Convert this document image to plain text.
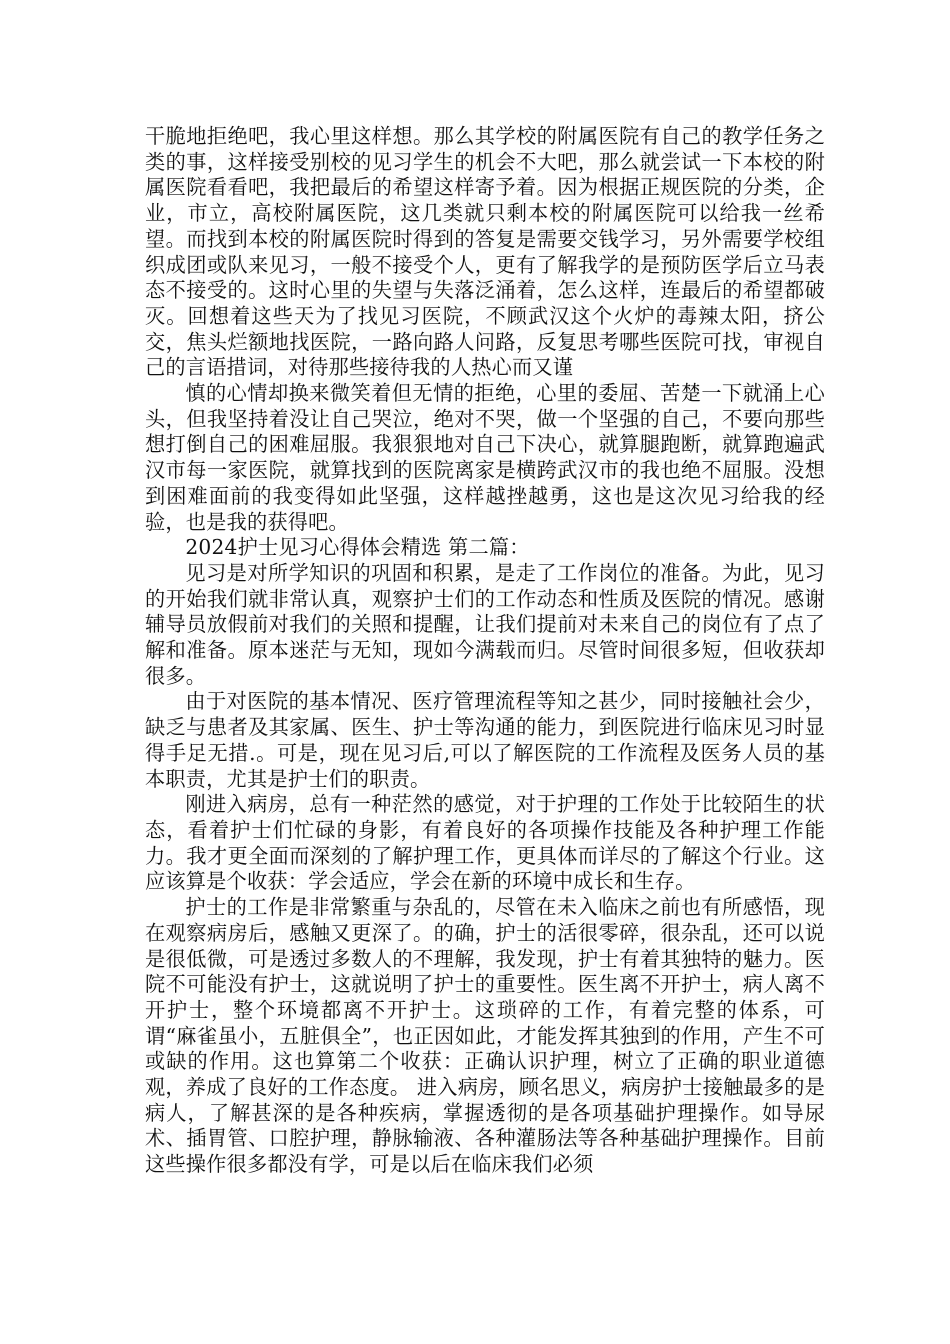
干脆地拒绝吧，我心里这样想。那么其学校的附属医院有自己的教学任务之类的事，这样接受别校的见习学生的机会不大吧，那么就尝试一下本校的附属医院看看吧，我把最后的希望这样寄予着。因为根据正规医院的分类，企业，市立，高校附属医院，这几类就只剩本校的附属医院可以给我一丝希望。而找到本校的附属医院时得到的答复是需要交钱学习，另外需要学校组织成团或队来见习，一般不接受个人，更有了解我学的是预防医学后立马表态不接受的。这时心里的失望与失落泛涌着，怎么这样，连最后的希望都破灭。回想着这些天为了找见习医院，不顾武汉这个火炉的毒辣太阳，挤公交，焦头烂额地找医院，一路向路人问路，反复思考哪些医院可找，审视自己的言语措词，对待那些接待我的人热心而又谨

慎的心情却换来微笑着但无情的拒绝，心里的委屈、苦楚一下就涌上心头，但我坚持着没让自己哭泣，绝对不哭，做一个坚强的自己，不要向那些想打倒自己的困难屈服。我狠狠地对自己下决心，就算腿跑断，就算跑遍武汉市每一家医院，就算找到的医院离家是横跨武汉市的我也绝不屈服。没想到困难面前的我变得如此坚强，这样越挫越勇，这也是这次见习给我的经验，也是我的获得吧。

2024护士见习心得体会精选 第二篇：

见习是对所学知识的巩固和积累，是走了工作岗位的准备。为此，见习的开始我们就非常认真，观察护士们的工作动态和性质及医院的情况。感谢辅导员放假前对我们的关照和提醒，让我们提前对未来自己的岗位有了点了解和准备。原本迷茫与无知，现如今满载而归。尽管时间很多短，但收获却很多。

由于对医院的基本情况、医疗管理流程等知之甚少，同时接触社会少，缺乏与患者及其家属、医生、护士等沟通的能力，到医院进行临床见习时显得手足无措.。可是，现在见习后,可以了解医院的工作流程及医务人员的基本职责，尤其是护士们的职责。

刚进入病房，总有一种茫然的感觉，对于护理的工作处于比较陌生的状态，看着护士们忙碌的身影，有着良好的各项操作技能及各种护理工作能力。我才更全面而深刻的了解护理工作，更具体而详尽的了解这个行业。这应该算是个收获：学会适应，学会在新的环境中成长和生存。

护士的工作是非常繁重与杂乱的，尽管在未入临床之前也有所感悟，现在观察病房后，感触又更深了。的确，护士的活很零碎，很杂乱，还可以说是很低微，可是透过多数人的不理解，我发现，护士有着其独特的魅力。医院不可能没有护士，这就说明了护士的重要性。医生离不开护士，病人离不开护士，整个环境都离不开护士。这琐碎的工作，有着完整的体系，可谓“麻雀虽小，五脏俱全”，也正因如此，才能发挥其独到的作用，产生不可或缺的作用。这也算第二个收获：正确认识护理，树立了正确的职业道德观，养成了良好的工作态度。 进入病房，顾名思义，病房护士接触最多的是病人，了解甚深的是各种疾病，掌握透彻的是各项基础护理操作。如导尿术、插胃管、口腔护理，静脉输液、各种灌肠法等各种基础护理操作。目前这些操作很多都没有学，可是以后在临床我们必须
